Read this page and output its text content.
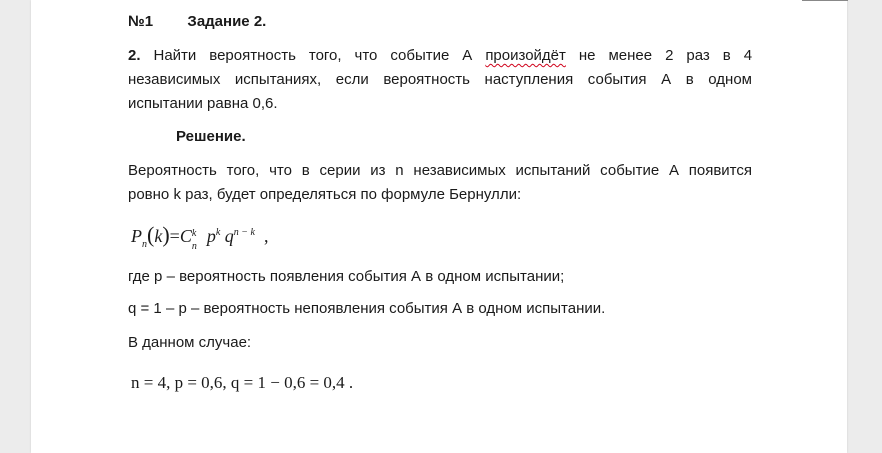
№1 Задание 2.
2. Найти вероятность того, что событие А произойдёт не менее 2 раз в 4
независимых испытаниях, если вероятность наступления события А в одном
испытании равна 0,6.
Решение.
Вероятность того, что в серии из n независимых испытаний событие А появится
ровно k раз, будет определяться по формуле Бернулли:
$P_n(k)=C$ k
n
$p^k$ $q^{n - k}$ ,
где p – вероятность появления события А в одном испытании;
q = 1 – p – вероятность непоявления события А в одном испытании.
В данном случае:
n = 4, p = 0,6, q = 1 − 0,6 = 0,4 .
